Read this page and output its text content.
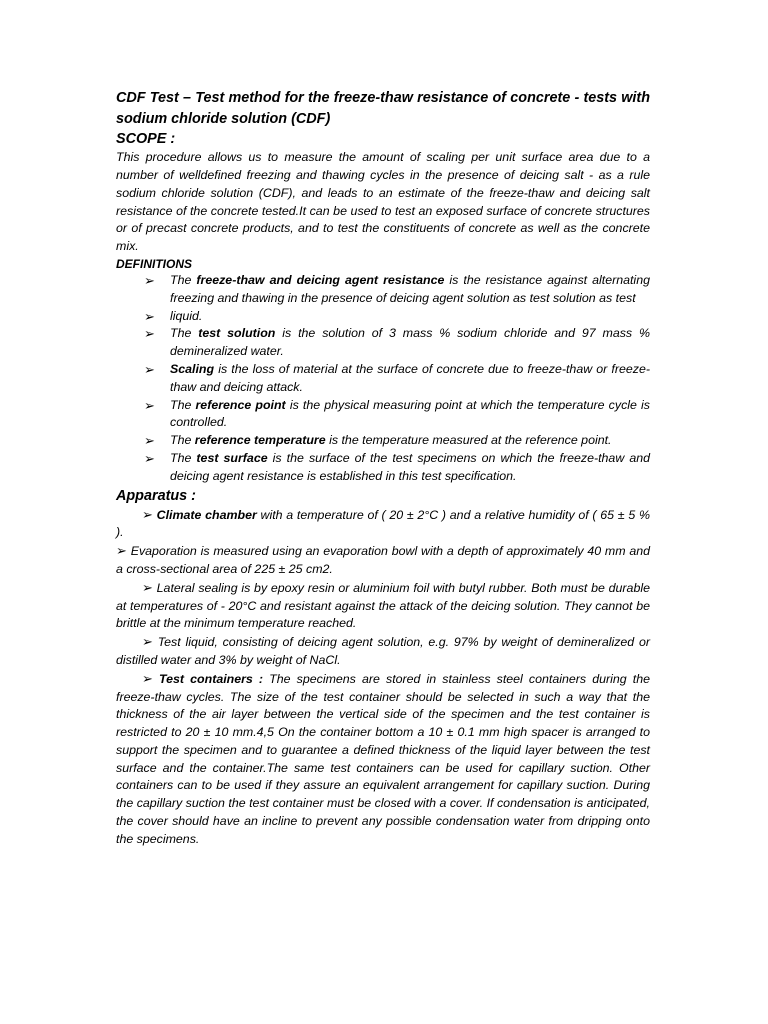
CDF Test – Test method for the freeze-thaw resistance of concrete - tests with sodium chloride solution (CDF)

SCOPE :

This procedure allows us to measure the amount of scaling per unit surface area due to a number of welldefined freezing and thawing cycles in the presence of deicing salt - as a rule sodium chloride solution (CDF), and leads to an estimate of the freeze-thaw and deicing salt resistance of the concrete tested.It can be used to test an exposed surface of concrete structures or of precast concrete products, and to test the constituents of concrete as well as the concrete mix.

DEFINITIONS

➢ The freeze-thaw and deicing agent resistance is the resistance against alternating freezing and thawing in the presence of deicing agent solution as test solution as test
➢ liquid.
➢ The test solution is the solution of 3 mass % sodium chloride and 97 mass % demineralized water.
➢ Scaling is the loss of material at the surface of concrete due to freeze-thaw or freeze-thaw and deicing attack.
➢ The reference point is the physical measuring point at which the temperature cycle is controlled.
➢ The reference temperature is the temperature measured at the reference point.
➢ The test surface is the surface of the test specimens on which the freeze-thaw and deicing agent resistance is established in this test specification.

Apparatus :

➢ Climate chamber with a temperature of ( 20 ± 2°C ) and a relative humidity of ( 65 ± 5 % ).

➢ Evaporation is measured using an evaporation bowl with a depth of approximately 40 mm and a cross-sectional area of 225 ± 25 cm2.

➢ Lateral sealing is by epoxy resin or aluminium foil with butyl rubber. Both must be durable at temperatures of - 20°C and resistant against the attack of the deicing solution. They cannot be brittle at the minimum temperature reached.

➢ Test liquid, consisting of deicing agent solution, e.g. 97% by weight of demineralized or distilled water and 3% by weight of NaCl.

➢ Test containers : The specimens are stored in stainless steel containers during the freeze-thaw cycles. The size of the test container should be selected in such a way that the thickness of the air layer between the vertical side of the specimen and the test container is restricted to 20 ± 10 mm.4,5 On the container bottom a 10 ± 0.1 mm high spacer is arranged to support the specimen and to guarantee a defined thickness of the liquid layer between the test surface and the container.The same test containers can be used for capillary suction. Other containers can to be used if they assure an equivalent arrangement for capillary suction. During the capillary suction the test container must be closed with a cover. If condensation is anticipated, the cover should have an incline to prevent any possible condensation water from dripping onto the specimens.
